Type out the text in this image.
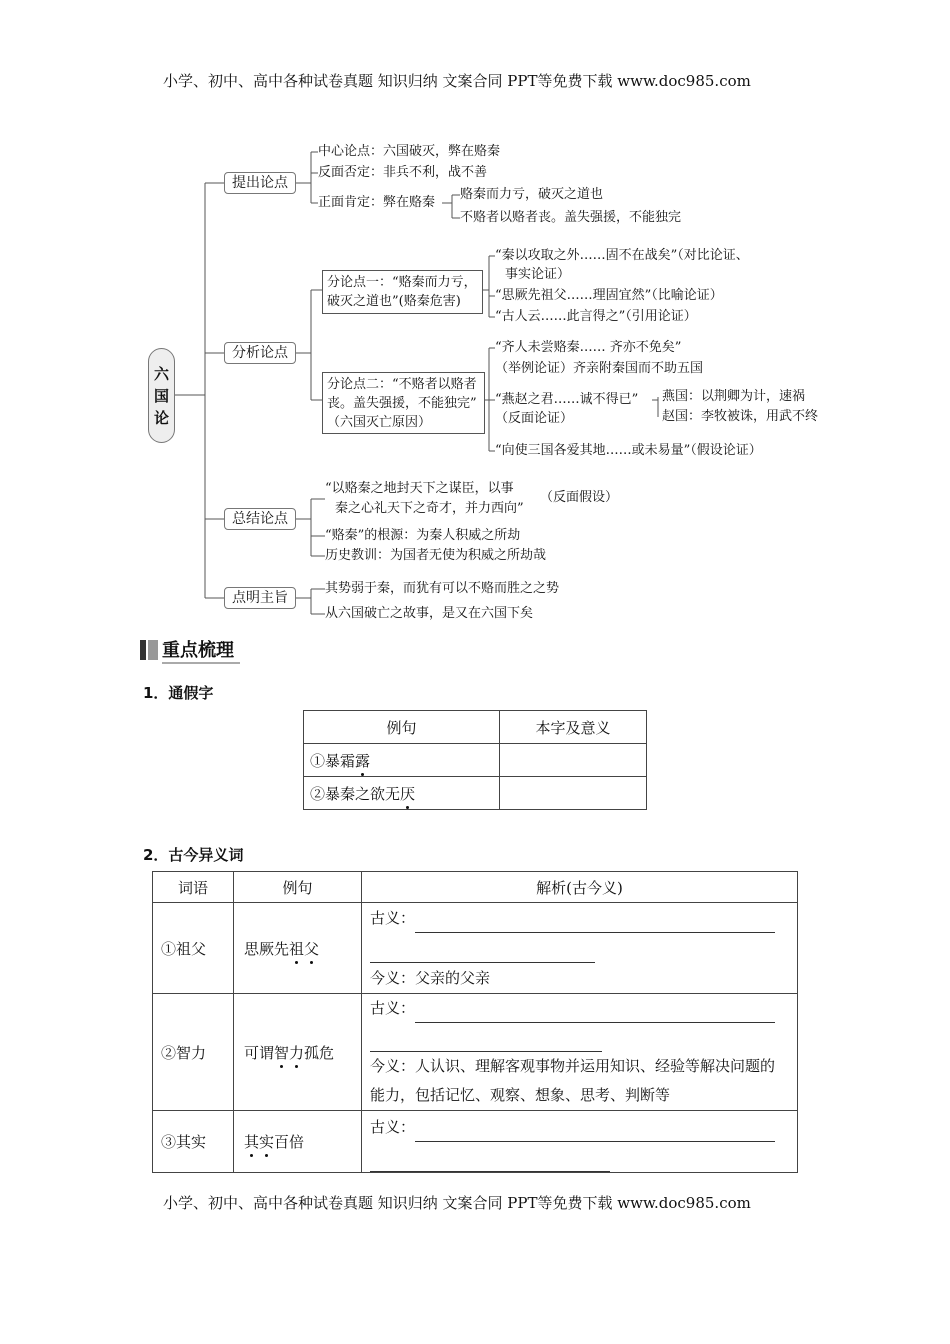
小学、初中、高中各种试卷真题 知识归纳 文案合同 PPT等免费下载 www.doc985.com
小学、初中、高中各种试卷真题 知识归纳 文案合同 PPT等免费下载 www.doc985.com
六
国
论
提出论点
分析论点
总结论点
点明主旨
中心论点：六国破灭，弊在赂秦
反面否定：非兵不利，战不善
正面肯定：弊在赂秦
赂秦而力亏，破灭之道也
不赂者以赂者丧。盖失强援，不能独完
分论点一：“赂秦而力亏，
破灭之道也”(赂秦危害)
“秦以攻取之外……固不在战矣”（对比论证、
事实论证）
“思厥先祖父……理固宜然”（比喻论证）
“古人云……此言得之”（引用论证）
分论点二：“不赂者以赂者
丧。盖失强援，不能独完”
（六国灭亡原因）
“齐人未尝赂秦…… 齐亦不免矣”
（举例论证）齐亲附秦国而不助五国
“燕赵之君……诚不得已”
（反面论证）
燕国：以荆卿为计，速祸
赵国：李牧被诛，用武不终
“向使三国各爱其地……或未易量”（假设论证）
“以赂秦之地封天下之谋臣，以事
秦之心礼天下之奇才，并力西向”
（反面假设）
“赂秦”的根源：为秦人积威之所劫
历史教训：为国者无使为积威之所劫哉
其势弱于秦，而犹有可以不赂而胜之之势
从六国破亡之故事，是又在六国下矣
重点梳理
1．通假字
例句	本字及意义
①暴霜露	
②暴秦之欲无厌	
2．古今异义词
词语	例句	解析(古今义)
①祖父	思厥先祖父	古义：
今义：父亲的父亲

②智力	可谓智力孤危	古义：
今义：人认识、理解客观事物并运用知识、经验等解决问题的能力，包括记忆、观察、想象、思考、判断等

③其实	其实百倍	古义：
